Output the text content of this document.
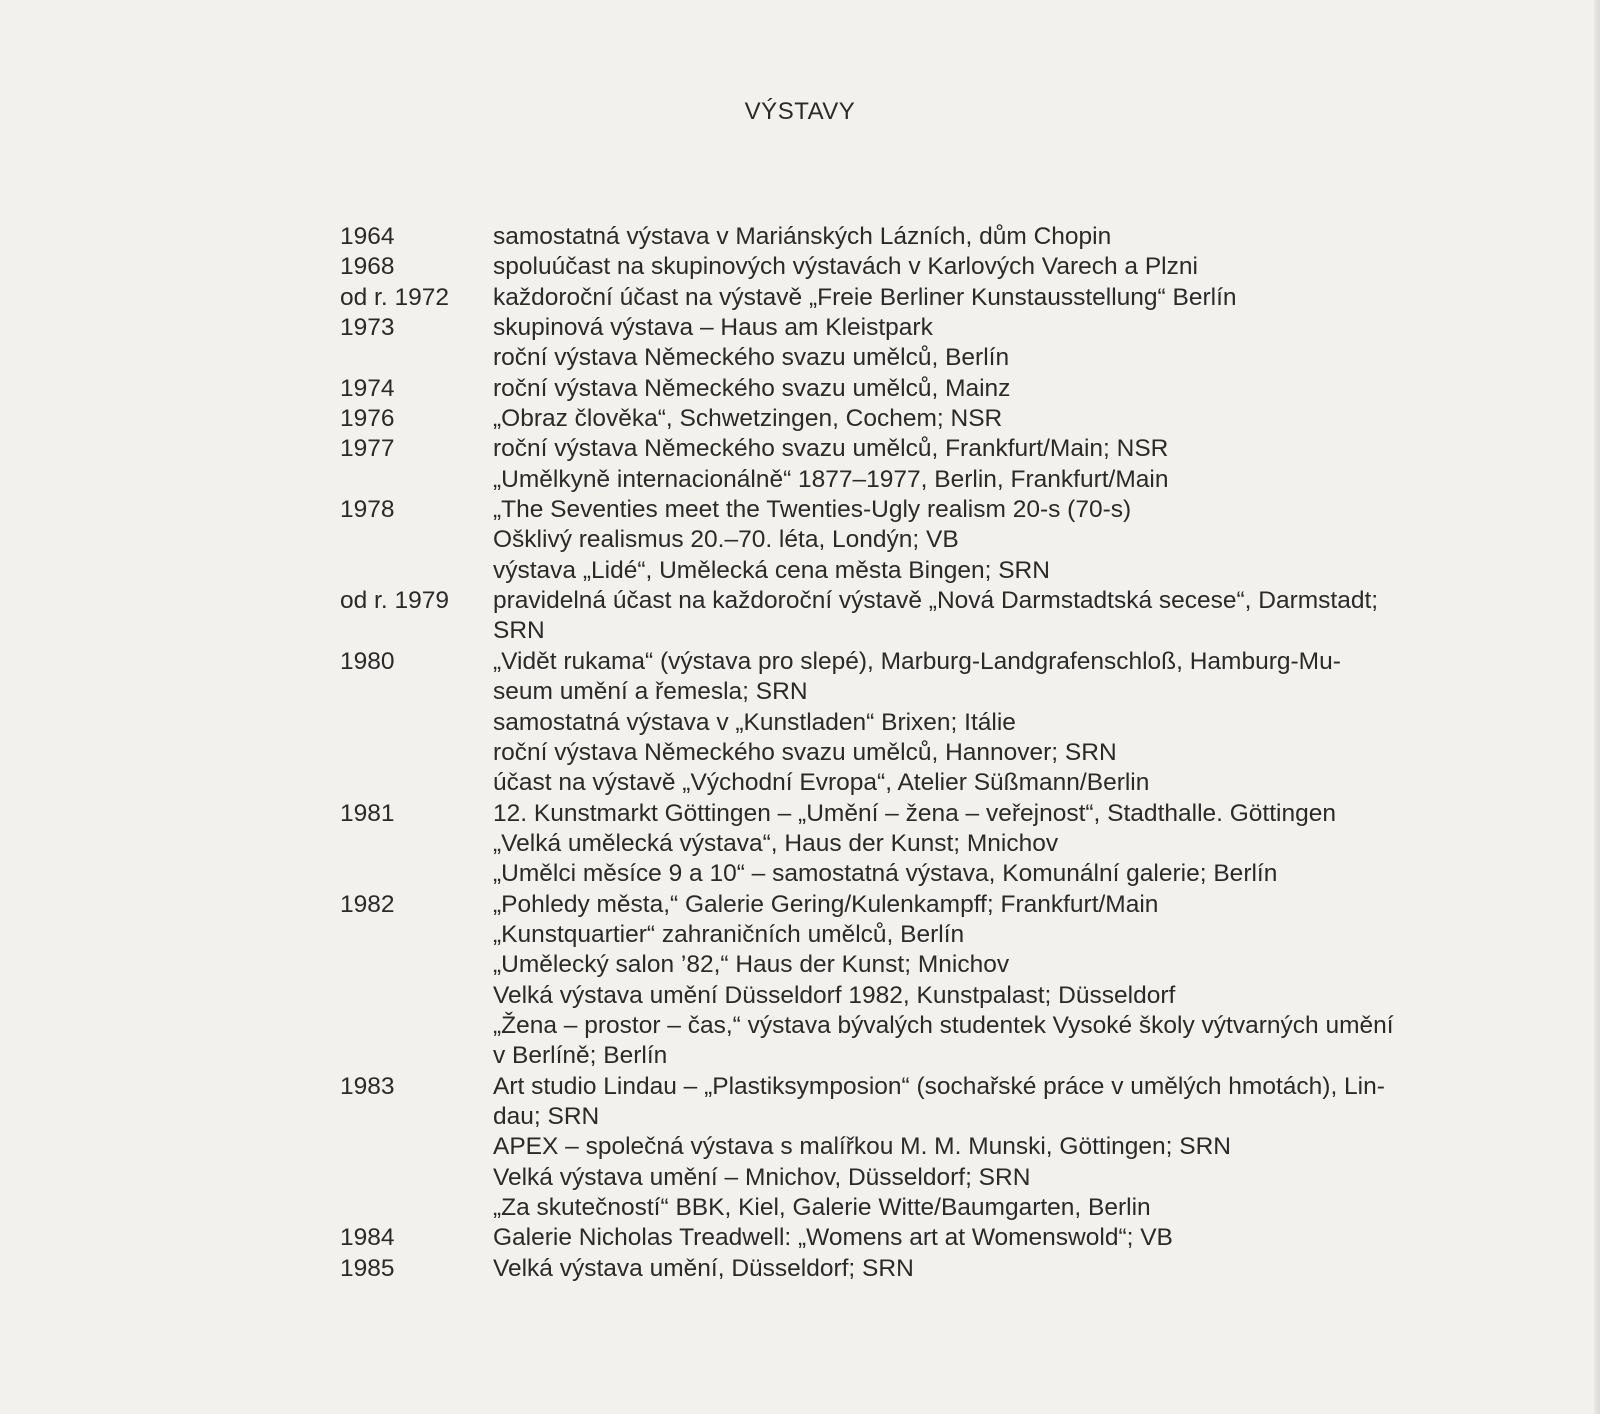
VÝSTAVY
1964	samostatná výstava v Mariánských Lázních, dům Chopin
1968	spoluúčast na skupinových výstavách v Karlových Varech a Plzni
od r. 1972	každoroční účast na výstavě „Freie Berliner Kunstausstellung“ Berlín
1973	skupinová výstava – Haus am Kleistpark
roční výstava Německého svazu umělců, Berlín
1974	roční výstava Německého svazu umělců, Mainz
1976	„Obraz člověka“, Schwetzingen, Cochem; NSR
1977	roční výstava Německého svazu umělců, Frankfurt/Main; NSR
„Umělkyně internacionálně“ 1877–1977, Berlin, Frankfurt/Main
1978	„The Seventies meet the Twenties-Ugly realism 20-s (70-s)
Ošklivý realismus 20.–70. léta, Londýn; VB
výstava „Lidé“, Umělecká cena města Bingen; SRN
od r. 1979	pravidelná účast na každoroční výstavě „Nová Darmstadtská secese“, Darmstadt;
SRN
1980	„Vidět rukama“ (výstava pro slepé), Marburg-Landgrafenschloß, Hamburg-Mu-
seum umění a řemesla; SRN
samostatná výstava v „Kunstladen“ Brixen; Itálie
roční výstava Německého svazu umělců, Hannover; SRN
účast na výstavě „Východní Evropa“, Atelier Süßmann/Berlin
1981	12. Kunstmarkt Göttingen – „Umění – žena – veřejnost“, Stadthalle. Göttingen
„Velká umělecká výstava“, Haus der Kunst; Mnichov
„Umělci měsíce 9 a 10“ – samostatná výstava, Komunální galerie; Berlín
1982	„Pohledy města,“ Galerie Gering/Kulenkampff; Frankfurt/Main
„Kunstquartier“ zahraničních umělců, Berlín
„Umělecký salon ’82,“ Haus der Kunst; Mnichov
Velká výstava umění Düsseldorf 1982, Kunstpalast; Düsseldorf
„Žena – prostor – čas,“ výstava bývalých studentek Vysoké školy výtvarných umění
v Berlíně; Berlín
1983	Art studio Lindau – „Plastiksymposion“ (sochařské práce v umělých hmotách), Lin-
dau; SRN
APEX – společná výstava s malířkou M. M. Munski, Göttingen; SRN
Velká výstava umění – Mnichov, Düsseldorf; SRN
„Za skutečností“ BBK, Kiel, Galerie Witte/Baumgarten, Berlin
1984	Galerie Nicholas Treadwell: „Womens art at Womenswold“; VB
1985	Velká výstava umění, Düsseldorf; SRN
